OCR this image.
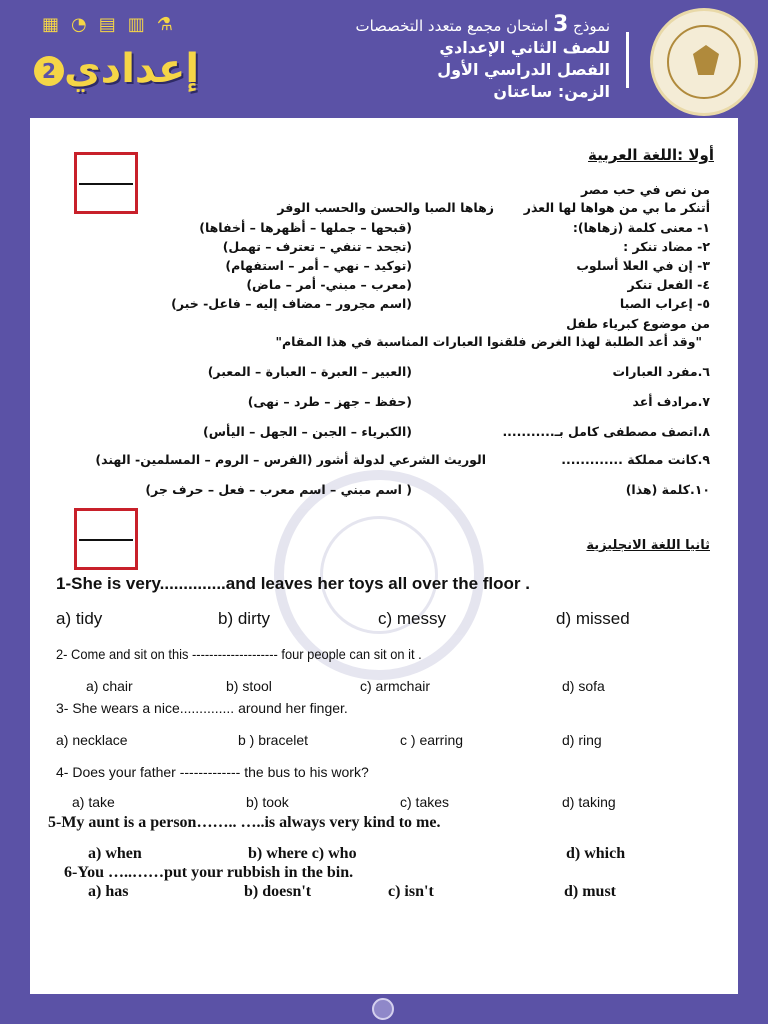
▦ ◔ ▤ ▥ ⚗
إعدادي
2
نموذج 3 امتحان مجمع متعدد التخصصات
للصف الثاني الإعدادي
الفصل الدراسي الأول
الزمن: ساعتان
أولا :اللغة العربية
من نص في حب مصر
أتنكر ما بي من هواها لها العذر
زهاها الصبا والحسن والحسب الوفر
١- معنى كلمة (زهاها):
(قبحها – جملها – أظهرها – أخفاها)
٢- مضاد تنكر :
(تجحد – تنفي – تعترف – تهمل)
٣- إن في العلا أسلوب
(توكيد – نهي – أمر – استفهام)
٤- الفعل تنكر
(معرب – مبني- أمر – ماض)
٥- إعراب الصبا
(اسم مجرور – مضاف إليه – فاعل- خبر)
من موضوع كبرياء طفل
"وقد أعد الطلبة لهذا الغرض فلقنوا العبارات المناسبة في هذا المقام"
٦.مفرد العبارات
(العبير – العبرة – العبارة – المعبر)
٧.مرادف أعد
(حفظ – جهز – طرد – نهى)
٨.اتصف مصطفى كامل بـ...........
(الكبرياء – الجبن – الجهل – اليأس)
٩.كانت مملكة .............
الوريث الشرعي لدولة أشور (الفرس – الروم – المسلمين- الهند)
١٠.كلمة (هذا)
( اسم مبني – اسم معرب – فعل – حرف جر)
ثانيا اللغة الانجليزية
1-She is very..............and leaves her toys all over the floor .
a) tidy	b) dirty	c) messy	d) missed
2- Come and sit on this -------------------- four people can sit on it .
a) chair	b) stool	c) armchair	d) sofa
3- She wears a nice.............. around her finger.
a) necklace	b ) bracelet	c ) earring	d) ring
4- Does your father ------------- the bus to his work?
a) take	b) took	c) takes	d) taking
5-My aunt is a person…….. …..is always very kind to me.
a) when	b) where c) who	d) which
6-You …..……put your rubbish in the bin.
a) has	b) doesn't	c) isn't	d) must
